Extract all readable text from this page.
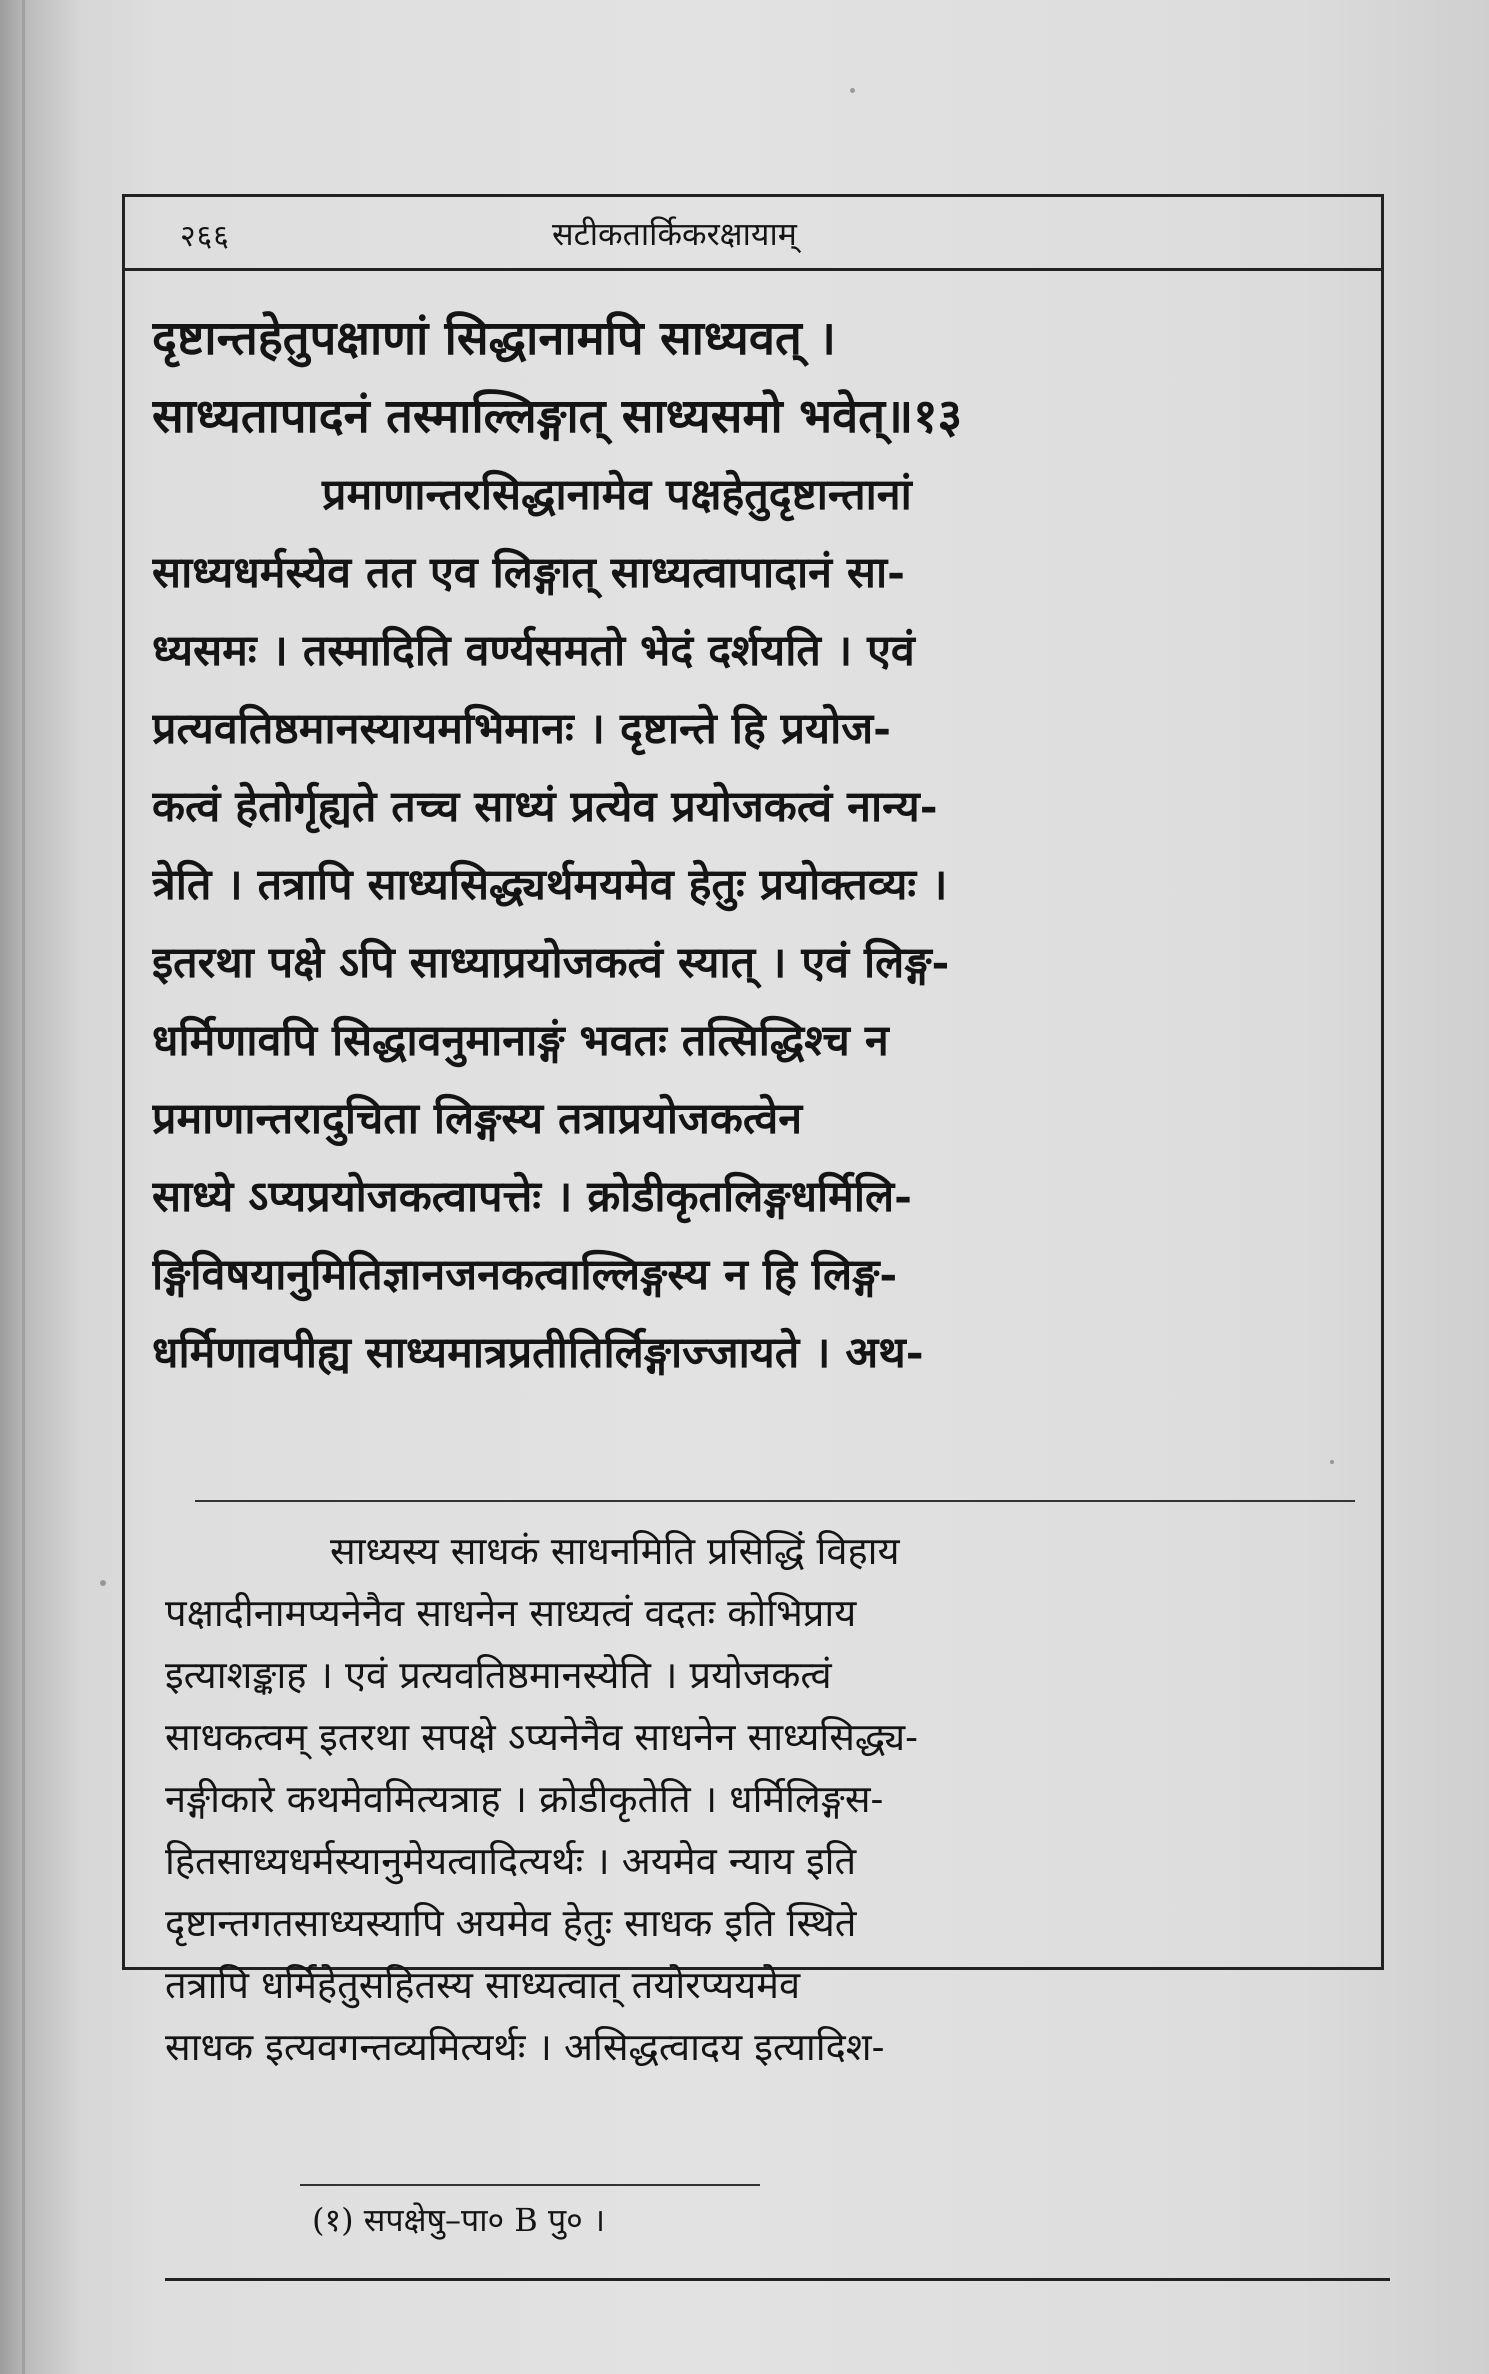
२६६	सटीकतार्किकरक्षायाम्
दृष्टान्तहेतुपक्षाणां सिद्धानामपि साध्यवत् ।
साध्यतापादनं तस्माल्लिङ्गात् साध्यसमो भवेत्॥१३
प्रमाणान्तरसिद्धानामेव पक्षहेतुदृष्टान्तानां
साध्यधर्मस्येव तत एव लिङ्गात् साध्यत्वापादानं सा-
ध्यसमः । तस्मादिति वर्ण्यसमतो भेदं दर्शयति । एवं
प्रत्यवतिष्ठमानस्यायमभिमानः । दृष्टान्ते हि प्रयोज-
कत्वं हेतोर्गृह्यते तच्च साध्यं प्रत्येव प्रयोजकत्वं नान्य-
त्रेति । तत्रापि साध्यसिद्ध्यर्थमयमेव हेतुः प्रयोक्तव्यः ।
इतरथा पक्षे ऽपि साध्याप्रयोजकत्वं स्यात् । एवं लिङ्ग-
धर्मिणावपि सिद्धावनुमानाङ्गं भवतः तत्सिद्धिश्च न
प्रमाणान्तरादुचिता लिङ्गस्य तत्राप्रयोजकत्वेन
साध्ये ऽप्यप्रयोजकत्वापत्तेः । क्रोडीकृतलिङ्गधर्मिलि-
ङ्गिविषयानुमितिज्ञानजनकत्वाल्लिङ्गस्य न हि लिङ्ग-
धर्मिणावपीह्य साध्यमात्रप्रतीतिर्लिङ्गाज्जायते । अथ-
साध्यस्य साधकं साधनमिति प्रसिद्धिं विहाय
पक्षादीनामप्यनेनैव साधनेन साध्यत्वं वदतः कोभिप्राय
इत्याशङ्काह । एवं प्रत्यवतिष्ठमानस्येति । प्रयोजकत्वं
साधकत्वम् इतरथा सपक्षे ऽप्यनेनैव साधनेन साध्यसिद्ध्य-
नङ्गीकारे कथमेवमित्यत्राह । क्रोडीकृतेति । धर्मिलिङ्गस-
हितसाध्यधर्मस्यानुमेयत्वादित्यर्थः । अयमेव न्याय इति
दृष्टान्तगतसाध्यस्यापि अयमेव हेतुः साधक इति स्थिते
तत्रापि धर्मिहेतुसहितस्य साध्यत्वात् तयोरप्ययमेव
साधक इत्यवगन्तव्यमित्यर्थः । असिद्धत्वादय इत्यादिश-
(१) सपक्षेषु–पा० B पु० ।
